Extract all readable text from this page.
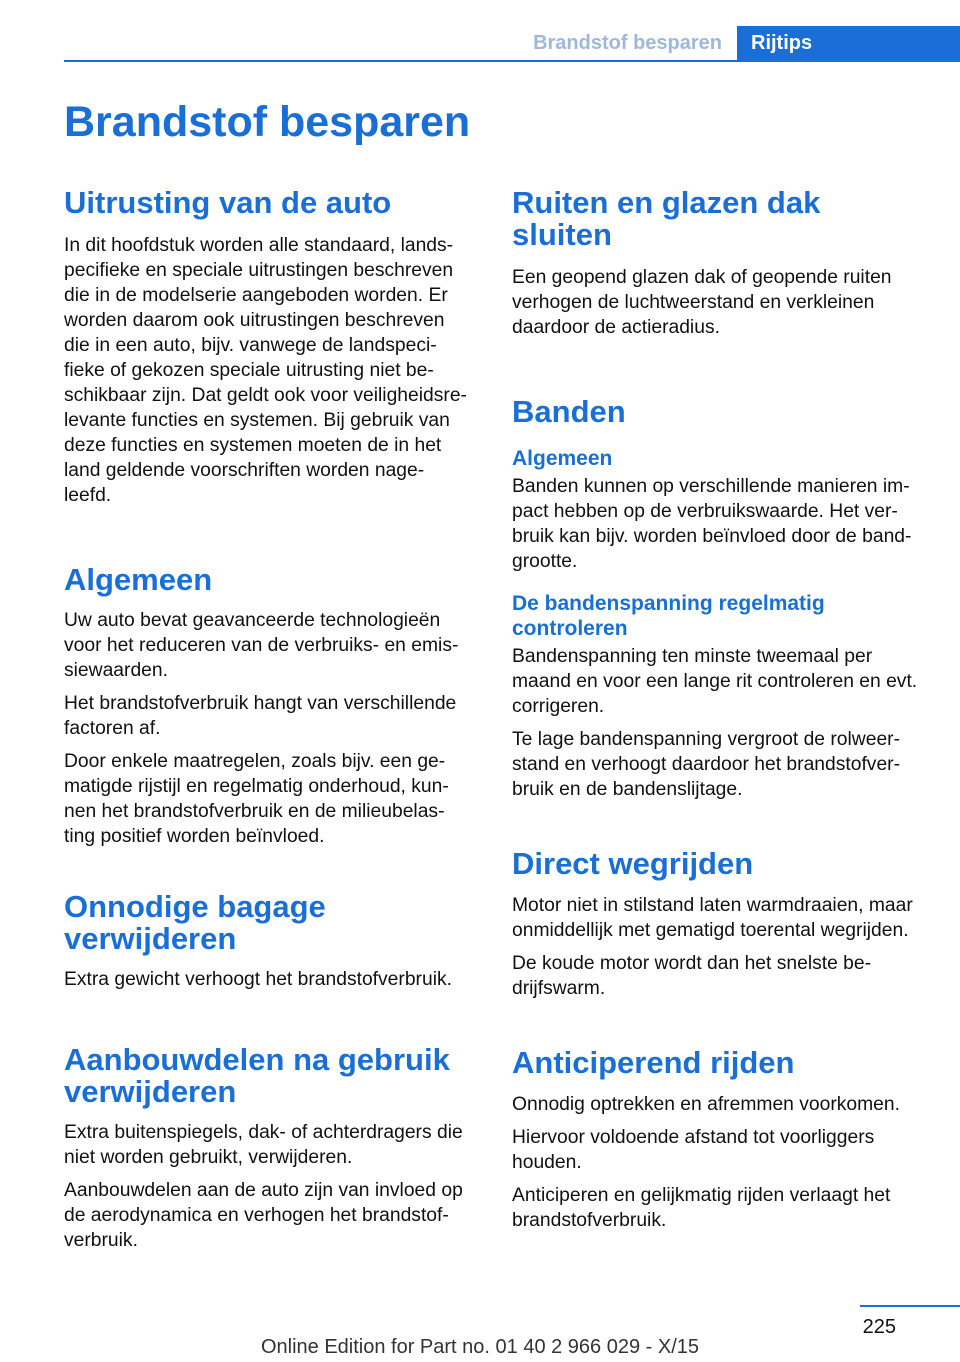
Brandstof besparen	Rijtips
Brandstof besparen
Uitrusting van de auto

In dit hoofdstuk worden alle standaard, lands-
pecifieke en speciale uitrustingen beschreven
die in de modelserie aangeboden worden. Er
worden daarom ook uitrustingen beschreven
die in een auto, bijv. vanwege de landspeci-
fieke of gekozen speciale uitrusting niet be-
schikbaar zijn. Dat geldt ook voor veiligheidsre-
levante functies en systemen. Bij gebruik van
deze functies en systemen moeten de in het
land geldende voorschriften worden nage-
leefd.

Algemeen

Uw auto bevat geavanceerde technologieën
voor het reduceren van de verbruiks- en emis-
siewaarden.

Het brandstofverbruik hangt van verschillende
factoren af.

Door enkele maatregelen, zoals bijv. een ge-
matigde rijstijl en regelmatig onderhoud, kun-
nen het brandstofverbruik en de milieubelas-
ting positief worden beïnvloed.

Onnodige bagage
verwijderen

Extra gewicht verhoogt het brandstofverbruik.

Aanbouwdelen na gebruik
verwijderen

Extra buitenspiegels, dak- of achterdragers die
niet worden gebruikt, verwijderen.

Aanbouwdelen aan de auto zijn van invloed op
de aerodynamica en verhogen het brandstof-
verbruik.

Ruiten en glazen dak sluiten

Een geopend glazen dak of geopende ruiten
verhogen de luchtweerstand en verkleinen
daardoor de actieradius.

Banden
Algemeen

Banden kunnen op verschillende manieren im-
pact hebben op de verbruikswaarde. Het ver-
bruik kan bijv. worden beïnvloed door de band-
grootte.

De bandenspanning regelmatig
controleren

Bandenspanning ten minste tweemaal per
maand en voor een lange rit controleren en evt.
corrigeren.

Te lage bandenspanning vergroot de rolweer-
stand en verhoogt daardoor het brandstofver-
bruik en de bandenslijtage.

Direct wegrijden

Motor niet in stilstand laten warmdraaien, maar
onmiddellijk met gematigd toerental wegrijden.

De koude motor wordt dan het snelste be-
drijfswarm.

Anticiperend rijden

Onnodig optrekken en afremmen voorkomen.

Hiervoor voldoende afstand tot voorliggers
houden.

Anticiperen en gelijkmatig rijden verlaagt het
brandstofverbruik.

225
Online Edition for Part no. 01 40 2 966 029 - X/15
